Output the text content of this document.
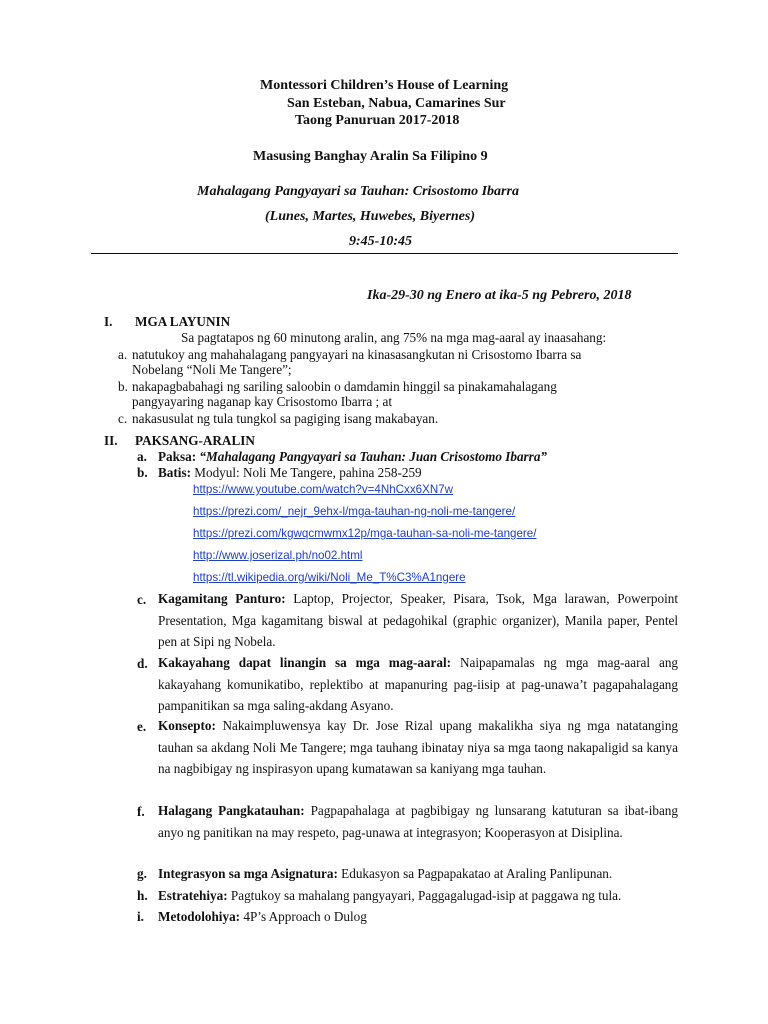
Montessori Children’s House of Learning
San Esteban, Nabua, Camarines Sur
Taong Panuruan 2017-2018
Masusing Banghay Aralin Sa Filipino 9
Mahalagang Pangyayari sa Tauhan: Crisostomo Ibarra
(Lunes, Martes, Huwebes, Biyernes)
9:45-10:45
Ika-29-30 ng Enero at ika-5 ng Pebrero, 2018
I. MGA LAYUNIN
Sa pagtatapos ng 60 minutong aralin, ang 75% na mga mag-aaral ay inaasahang:
a. natutukoy ang mahahalagang pangyayari na kinasasangkutan ni Crisostomo Ibarra sa
Nobelang “Noli Me Tangere”;
b. nakapagbabahagi ng sariling saloobin o damdamin hinggil sa pinakamahalagang
pangyayaring naganap kay Crisostomo Ibarra ; at
c. nakasusulat ng tula tungkol sa pagiging isang makabayan.
II. PAKSANG-ARALIN
a. Paksa: “Mahalagang Pangyayari sa Tauhan: Juan Crisostomo Ibarra”
b. Batis: Modyul: Noli Me Tangere, pahina 258-259
https://www.youtube.com/watch?v=4NhCxx6XN7w
https://prezi.com/_nejr_9ehx-l/mga-tauhan-ng-noli-me-tangere/
https://prezi.com/kgwqcmwmx12p/mga-tauhan-sa-noli-me-tangere/
http://www.joserizal.ph/no02.html
https://tl.wikipedia.org/wiki/Noli_Me_T%C3%A1ngere
c. Kagamitang Panturo: Laptop, Projector, Speaker, Pisara, Tsok, Mga larawan, Powerpoint Presentation, Mga kagamitang biswal at pedagohikal (graphic organizer), Manila paper, Pentel pen at Sipi ng Nobela.
d. Kakayahang dapat linangin sa mga mag-aaral: Naipapamalas ng mga mag-aaral ang kakayahang komunikatibo, replektibo at mapanuring pag-iisip at pag-unawa’t pagapahalagang pampanitikan sa mga saling-akdang Asyano.
e. Konsepto: Nakaimpluwensya kay Dr. Jose Rizal upang makalikha siya ng mga natatanging tauhan sa akdang Noli Me Tangere; mga tauhang ibinatay niya sa mga taong nakapaligid sa kanya na nagbibigay ng inspirasyon upang kumatawan sa kaniyang mga tauhan.
f. Halagang Pangkatauhan: Pagpapahalaga at pagbibigay ng lunsarang katuturan sa ibat-ibang anyo ng panitikan na may respeto, pag-unawa at integrasyon; Kooperasyon at Disiplina.
g. Integrasyon sa mga Asignatura: Edukasyon sa Pagpapakatao at Araling Panlipunan.
h. Estratehiya: Pagtukoy sa mahalang pangyayari, Paggagalugad-isip at paggawa ng tula.
i. Metodolohiya: 4P’s Approach o Dulog
